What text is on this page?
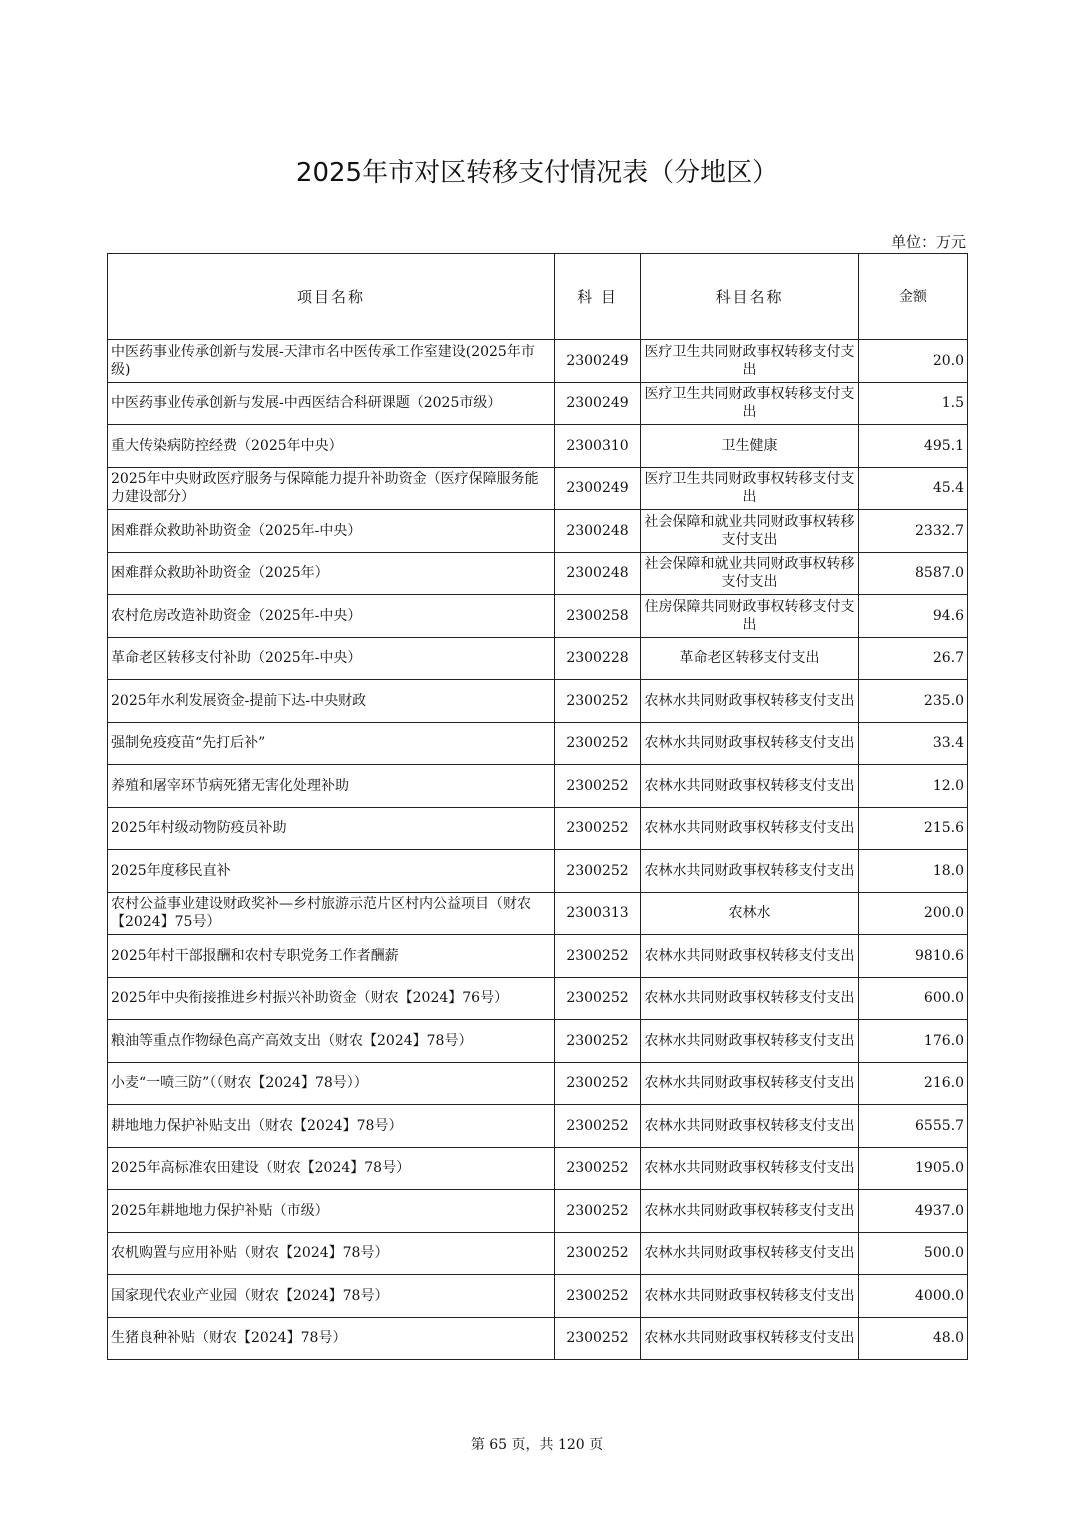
2025年市对区转移支付情况表（分地区）
单位：万元
项目名称	科 目	科目名称	金额
中医药事业传承创新与发展-天津市名中医传承工作室建设(2025年市级)	2300249	医疗卫生共同财政事权转移支付支出	20.0
中医药事业传承创新与发展-中西医结合科研课题（2025市级）	2300249	医疗卫生共同财政事权转移支付支出	1.5
重大传染病防控经费（2025年中央）	2300310	卫生健康	495.1
2025年中央财政医疗服务与保障能力提升补助资金（医疗保障服务能力建设部分）	2300249	医疗卫生共同财政事权转移支付支出	45.4
困难群众救助补助资金（2025年-中央）	2300248	社会保障和就业共同财政事权转移支付支出	2332.7
困难群众救助补助资金（2025年）	2300248	社会保障和就业共同财政事权转移支付支出	8587.0
农村危房改造补助资金（2025年-中央）	2300258	住房保障共同财政事权转移支付支出	94.6
革命老区转移支付补助（2025年-中央）	2300228	革命老区转移支付支出	26.7
2025年水利发展资金-提前下达-中央财政	2300252	农林水共同财政事权转移支付支出	235.0
强制免疫疫苗“先打后补”	2300252	农林水共同财政事权转移支付支出	33.4
养殖和屠宰环节病死猪无害化处理补助	2300252	农林水共同财政事权转移支付支出	12.0
2025年村级动物防疫员补助	2300252	农林水共同财政事权转移支付支出	215.6
2025年度移民直补	2300252	农林水共同财政事权转移支付支出	18.0
农村公益事业建设财政奖补—乡村旅游示范片区村内公益项目（财农【2024】75号）	2300313	农林水	200.0
2025年村干部报酬和农村专职党务工作者酬薪	2300252	农林水共同财政事权转移支付支出	9810.6
2025年中央衔接推进乡村振兴补助资金（财农【2024】76号）	2300252	农林水共同财政事权转移支付支出	600.0
粮油等重点作物绿色高产高效支出（财农【2024】78号）	2300252	农林水共同财政事权转移支付支出	176.0
小麦“一喷三防”（（财农【2024】78号））	2300252	农林水共同财政事权转移支付支出	216.0
耕地地力保护补贴支出（财农【2024】78号）	2300252	农林水共同财政事权转移支付支出	6555.7
2025年高标准农田建设（财农【2024】78号）	2300252	农林水共同财政事权转移支付支出	1905.0
2025年耕地地力保护补贴（市级）	2300252	农林水共同财政事权转移支付支出	4937.0
农机购置与应用补贴（财农【2024】78号）	2300252	农林水共同财政事权转移支付支出	500.0
国家现代农业产业园（财农【2024】78号）	2300252	农林水共同财政事权转移支付支出	4000.0
生猪良种补贴（财农【2024】78号）	2300252	农林水共同财政事权转移支付支出	48.0
第 65 页，共 120 页
